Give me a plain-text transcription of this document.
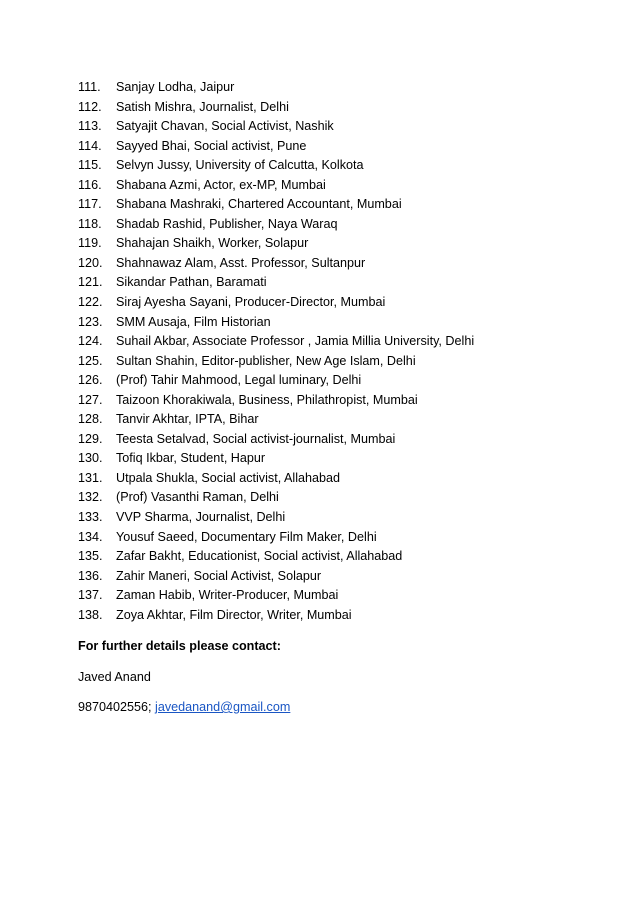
111.	Sanjay Lodha, Jaipur
112.	Satish Mishra, Journalist, Delhi
113.	Satyajit Chavan, Social Activist, Nashik
114.	Sayyed Bhai, Social activist, Pune
115.	Selvyn Jussy, University of Calcutta, Kolkota
116.	Shabana Azmi, Actor, ex-MP, Mumbai
117.	Shabana Mashraki, Chartered Accountant, Mumbai
118.	Shadab Rashid, Publisher, Naya Waraq
119.	Shahajan Shaikh, Worker, Solapur
120.	Shahnawaz Alam, Asst. Professor, Sultanpur
121.	Sikandar Pathan, Baramati
122.	Siraj Ayesha Sayani, Producer-Director, Mumbai
123.	SMM Ausaja, Film Historian
124.	Suhail Akbar, Associate Professor , Jamia Millia University, Delhi
125.	Sultan Shahin, Editor-publisher, New Age Islam, Delhi
126.	(Prof) Tahir Mahmood, Legal luminary, Delhi
127.	Taizoon Khorakiwala, Business, Philathropist, Mumbai
128.	Tanvir Akhtar, IPTA, Bihar
129.	Teesta Setalvad, Social activist-journalist, Mumbai
130.	Tofiq Ikbar, Student, Hapur
131.	Utpala Shukla, Social activist, Allahabad
132.	(Prof) Vasanthi Raman, Delhi
133.	VVP Sharma, Journalist, Delhi
134.	Yousuf Saeed, Documentary Film Maker, Delhi
135.	Zafar Bakht, Educationist, Social activist, Allahabad
136.	Zahir Maneri, Social Activist, Solapur
137.	Zaman Habib, Writer-Producer, Mumbai
138.	Zoya Akhtar, Film Director, Writer, Mumbai
For further details please contact:
Javed Anand
9870402556; javedanand@gmail.com
